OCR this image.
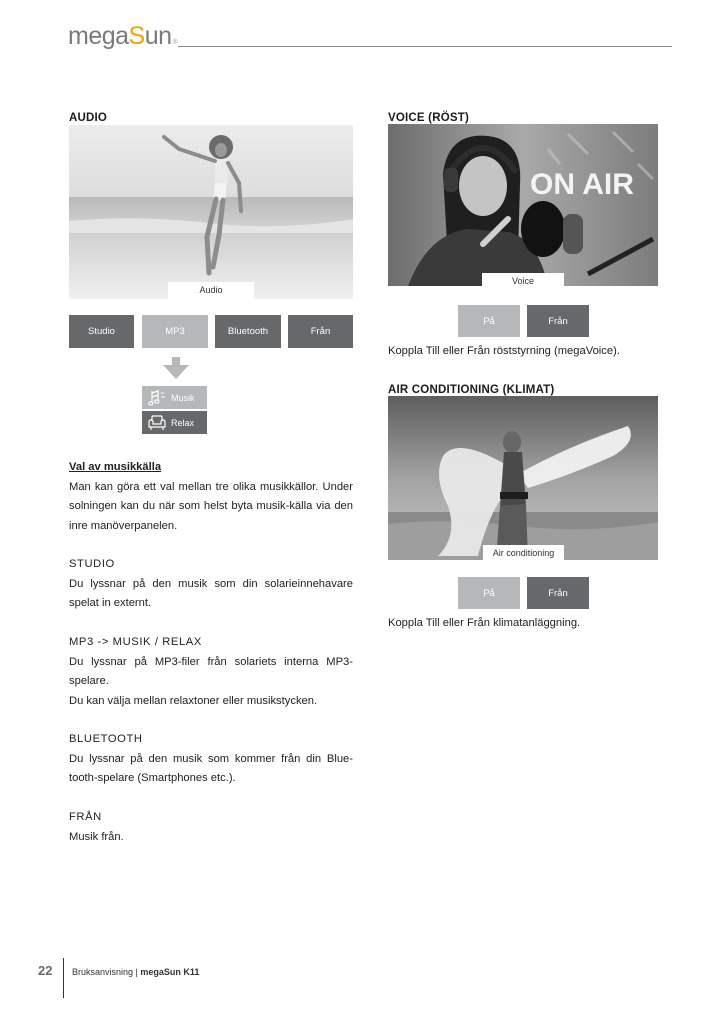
mega S un ®
AUDIO
Audio
Studio	MP3	Bluetooth	Från
Musik
Relax
Val av musikkälla
Man kan göra ett val mellan tre olika musikkällor. Under solningen kan du när som helst byta musik-källa via den inre manöverpanelen.
STUDIO
Du lyssnar på den musik som din solarieinnehavare spelat in externt.
MP3 -> MUSIK / RELAX
Du lyssnar på MP3-filer från solariets interna MP3-spelare.
Du kan välja mellan relaxtoner eller musikstycken.
BLUETOOTH
Du lyssnar på den musik som kommer från din Blue-tooth-spelare (Smartphones etc.).
FRÅN
Musik från.
VOICE (RÖST)
ON AIR
Voice
På	Från
Koppla Till eller Från röststyrning (megaVoice).
AIR CONDITIONING (KLIMAT)
Air conditioning
På	Från
Koppla Till eller Från klimatanläggning.
22 Bruksanvisning | megaSun K11
